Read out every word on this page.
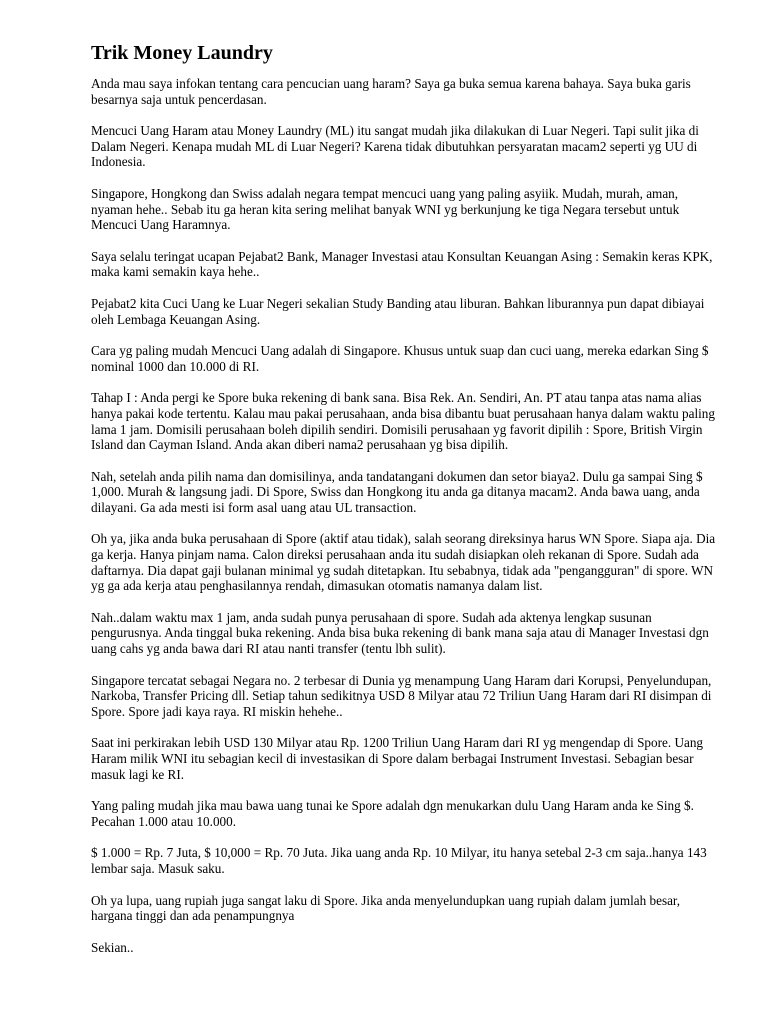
Trik Money Laundry

Anda mau saya infokan tentang cara pencucian uang haram? Saya ga buka semua karena bahaya. Saya buka garis besarnya saja untuk pencerdasan.

Mencuci Uang Haram atau Money Laundry (ML) itu sangat mudah jika dilakukan di Luar Negeri. Tapi sulit jika di Dalam Negeri. Kenapa mudah ML di Luar Negeri? Karena tidak dibutuhkan persyaratan macam2 seperti yg UU di Indonesia.

Singapore, Hongkong dan Swiss adalah negara tempat mencuci uang yang paling asyiik. Mudah, murah, aman, nyaman hehe.. Sebab itu ga heran kita sering melihat banyak WNI yg berkunjung ke tiga Negara tersebut untuk Mencuci Uang Haramnya.

Saya selalu teringat ucapan Pejabat2 Bank, Manager Investasi atau Konsultan Keuangan Asing : Semakin keras KPK, maka kami semakin kaya hehe..

Pejabat2 kita Cuci Uang ke Luar Negeri sekalian Study Banding atau liburan. Bahkan liburannya pun dapat dibiayai oleh Lembaga Keuangan Asing.

Cara yg paling mudah Mencuci Uang adalah di Singapore. Khusus untuk suap dan cuci uang, mereka edarkan Sing $ nominal 1000 dan 10.000 di RI.

Tahap I : Anda pergi ke Spore buka rekening di bank sana. Bisa Rek. An. Sendiri, An. PT atau tanpa atas nama alias hanya pakai kode tertentu. Kalau mau pakai perusahaan, anda bisa dibantu buat perusahaan hanya dalam waktu paling lama 1 jam. Domisili perusahaan boleh dipilih sendiri. Domisili perusahaan yg favorit dipilih : Spore, British Virgin Island dan Cayman Island. Anda akan diberi nama2 perusahaan yg bisa dipilih.

Nah, setelah anda pilih nama dan domisilinya, anda tandatangani dokumen dan setor biaya2. Dulu ga sampai Sing $ 1,000. Murah & langsung jadi. Di Spore, Swiss dan Hongkong itu anda ga ditanya macam2. Anda bawa uang, anda dilayani. Ga ada mesti isi form asal uang atau UL transaction.

Oh ya, jika anda buka perusahaan di Spore (aktif atau tidak), salah seorang direksinya harus WN Spore. Siapa aja. Dia ga kerja. Hanya pinjam nama. Calon direksi perusahaan anda itu sudah disiapkan oleh rekanan di Spore. Sudah ada daftarnya. Dia dapat gaji bulanan minimal yg sudah ditetapkan. Itu sebabnya, tidak ada "pengangguran" di spore. WN yg ga ada kerja atau penghasilannya rendah, dimasukan otomatis namanya dalam list.

Nah..dalam waktu max 1 jam, anda sudah punya perusahaan di spore. Sudah ada aktenya lengkap susunan pengurusnya. Anda tinggal buka rekening. Anda bisa buka rekening di bank mana saja atau di Manager Investasi dgn uang cahs yg anda bawa dari RI atau nanti transfer (tentu lbh sulit).

Singapore tercatat sebagai Negara no. 2 terbesar di Dunia yg menampung Uang Haram dari Korupsi, Penyelundupan, Narkoba, Transfer Pricing dll. Setiap tahun sedikitnya USD 8 Milyar atau 72 Triliun Uang Haram dari RI disimpan di Spore. Spore jadi kaya raya. RI miskin hehehe..

Saat ini perkirakan lebih USD 130 Milyar atau Rp. 1200 Triliun Uang Haram dari RI yg mengendap di Spore. Uang Haram milik WNI itu sebagian kecil di investasikan di Spore dalam berbagai Instrument Investasi. Sebagian besar masuk lagi ke RI.

Yang paling mudah jika mau bawa uang tunai ke Spore adalah dgn menukarkan dulu Uang Haram anda ke Sing $. Pecahan 1.000 atau 10.000.

$ 1.000 = Rp. 7 Juta, $ 10,000 = Rp. 70 Juta. Jika uang anda Rp. 10 Milyar, itu hanya setebal 2-3 cm saja..hanya 143 lembar saja. Masuk saku.

Oh ya lupa, uang rupiah juga sangat laku di Spore. Jika anda menyelundupkan uang rupiah dalam jumlah besar, hargana tinggi dan ada penampungnya

Sekian..
